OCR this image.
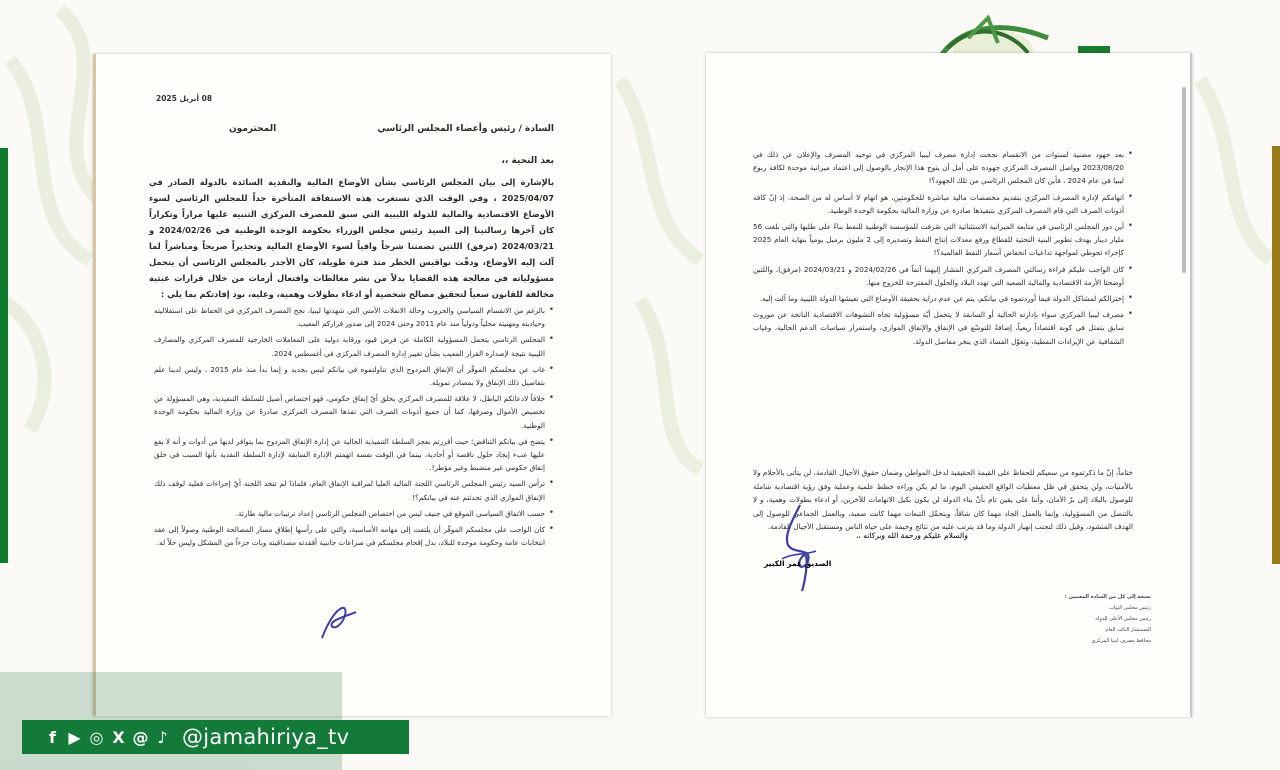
08 أبريل 2025
السادة / رئيس وأعضاء المجلس الرئاسي
المحترمون
بعد التحية ،،
بالإشارة إلى بيان المجلس الرئاسي بشأن الأوضاع المالية والنقدية السائدة بالدولة الصادر في 2025/04/07 ، وفي الوقت الذي نستغرب هذه الاستفاقة المتأخرة جداً للمجلس الرئاسي لسوء الأوضاع الاقتصادية والمالية للدولة الليبية التي سبق للمصرف المركزي التنبيه عليها مراراً وتكراراً كان آخرها رسالتينا إلى السيد رئيس مجلس الوزراء بحكومة الوحدة الوطنية في 2024/02/26 و 2024/03/21 (مرفق) اللتين تضمنتا شرحاً وافياً لسوء الأوضاع المالية وتحذيراً صريحاً ومباشراً لما آلت إليه الأوضاع، ودقّت نواقيس الخطر منذ فترة طويلة، كان الأجدر بالمجلس الرئاسي أن يتحمل مسؤولياته في معالجة هذه القضايا بدلاً من نشر مغالطات وافتعال أزمات من خلال قرارات عبثية مخالفة للقانون سعياً لتحقيق مصالح شخصية أو ادعاء بطولات وهمية، وعليه، نود إفادتكم بما يلي :
• بالرغم من الانقسام السياسي والحروب وحالة الانفلات الأمني التي شهدتها ليبيا، نجح المصرف المركزي في الحفاظ على استقلاليته وحياديته ومهنيته محلياً ودولياً منذ عام 2011 وحتى 2024 إلى صدور قراركم المعيب.
• المجلس الرئاسي يتحمل المسؤولية الكاملة عن فرض قيود ورقابة دولية على المعاملات الخارجية للمصرف المركزي والمصارف الليبية نتيجة لإصداره القرار المعيب بشأن تغيير إدارة المصرف المركزي في أغسطس 2024.
• غاب عن مجلسكم الموقّر أن الإنفاق المزدوج الذي تناولتموه في بيانكم ليس بجديد و إنما بدأ منذ عام 2015 ، وليس لدينا علم بتفاصيل ذلك الإنفاق ولا بمصادر تمويله.
• خلافاً لادعائكم الباطل، لا علاقة للمصرف المركزي بخلق أيّ إنفاق حكومي، فهو اختصاص أصيل للسلطة التنفيذية، وهي المسؤولة عن تخصيص الأموال وصرفها، كما أن جميع أذونات الصرف التي نفذها المصرف المركزي صادرةً عن وزارة المالية بحكومة الوحدة الوطنية.
• يتضح في بيانكم التناقض؛ حيث أقررتم بعجز السلطة التنفيذية الحالية عن إدارة الإنفاق المزدوج بما يتوافر لديها من أدوات و أنه لا يقع عليها عبء إيجاد حلول ناقصة أو أحادية، بينما في الوقت نفسه اتهمتم الإدارة السابقة لإدارة السلطة النقدية بأنها السبب في خلق إنفاق حكومي غير منضبط وغير مؤطر!.
• ترأس السيد رئيس المجلس الرئاسي اللجنة المالية العليا لمراقبة الإنفاق العام، فلماذا لم تتخذ اللجنة أيّ إجراءات فعلية لوقف ذلك الإنفاق الموازي الذي تحدثتم عنه في بيانكم؟!
• حسب الاتفاق السياسي الموقع في جنيف ليس من اختصاص المجلس الرئاسي إعداد ترتيبات مالية طارئة.
• كان الواجب على مجلسكم الموقّر أن يلتفت إلى مهامه الأساسية، والتي على رأسها إطلاق مسار المصالحة الوطنية وصولاً إلى عقد انتخابات عامة وحكومة موحدة للبلاد، بدل إقحام مجلسكم في صراعات جانبية أفقدته مصداقيته وبات جزءاً من المشكل وليس حلاً له.
• بعد جهود مضنية لسنوات من الانقسام نجحت إدارة مصرف ليبيا المركزي في توحيد المصرف والإعلان عن ذلك في 2023/08/20 وواصل المصرف المركزي جهوده على أمل أن يتوج هذا الإنجاز بالوصول إلى اعتماد ميزانية موحدة لكافة ربوع ليبيا في عام 2024 ، فأين كان المجلس الرئاسي من تلك الجهود؟!
• اتهامكم لإدارة المصرف المركزي بتقديم مخصصات مالية مباشرة للحكومتين، هو اتهام لا أساس له من الصحة، إذ إنّ كافة أذونات الصرف التي قام المصرف المركزي بتنفيذها صادرة عن وزارة المالية بحكومة الوحدة الوطنية.
• أين دور المجلس الرئاسي في متابعة الميزانية الاستثنائية التي صُرفت للمؤسسة الوطنية للنفط بناءً على طلبها والتي بلغت 56 مليار دينار بهدف تطوير البنية التحتية للقطاع ورفع معدلات إنتاج النفط وتصديره إلى 2 مليون برميل يومياً بنهاية العام 2025 كإجراء تحوطي لمواجهة تداعيات انخفاض أسعار النفط العالمية؟!
• كان الواجب عليكم قراءة رسالتي المصرف المركزي المشار إليهما آنفاً في 2024/02/26 و 2024/03/21 (مرفق)، واللتين أوضحتا الأزمة الاقتصادية والمالية الصعبة التي تهدد البلاد والحلول المقترحة للخروج منها.
• إختزالكم لمشاكل الدولة فيما أوردتموه في بيانكم، ينم عن عدم دراية بحقيقة الأوضاع التي تعيشها الدولة الليبية وما آلت إليه.
• مصرف ليبيا المركزي سواء بإدارته الحالية أو السابقة لا يتحمل أيّة مسؤولية تجاه التشوهات الاقتصادية الناتجة عن موروث سابق يتمثل في كونه اقتصاداً ريعياً، إضافةً للتوسّع في الإنفاق والإنفاق الموازي، واستمرار سياسات الدعم الحالية، وغياب الشفافية عن الإيرادات النفطية، وتغوّل الفساد الذي ينخر مفاصل الدولة.
ختاماً، إنّ ما ذكرتموه من سعيكم للحفاظ على القيمة الحقيقية لدخل المواطن وضمان حقوق الأجيال القادمة، لن يتأتى بالأحلام ولا بالأمنيات، ولن يتحقق في ظل معطيات الواقع الحقيقي اليوم، ما لم يكن وراءه خطط علمية وعملية وفق رؤية اقتصادية شاملة للوصول بالبلاد إلى برّ الأمان، وأننا على يقين تام بأنّ بناء الدولة لن يكون بكيل الاتهامات للآخرين، أو ادعاء بطولات وهمية، و لا بالتنصل من المسؤولية، وإنما بالعمل الجاد مهما كان شاقاً، وبتحمّل التبعات مهما كانت صعبة، وبالعمل الجماعي للوصول إلى الهدف المنشود، وقبل ذلك لتجنب إنهيار الدولة وما قد يترتب عليه من نتائج وخيمة على حياة الناس ومستقبل الأجيال القادمة.
والسلام عليكم ورحمة الله وبركاته ،،
الصديق عمر الكبير
نسخة إلى كل من السادة المعنيين :
رئيس مجلس النواب
رئيس مجلس الأعلى للدولة
المستشار النائب العام
محافظ مصرف ليبيا المركزي
f ▶ ◎ X @ ♪ @jamahiriya_tv
